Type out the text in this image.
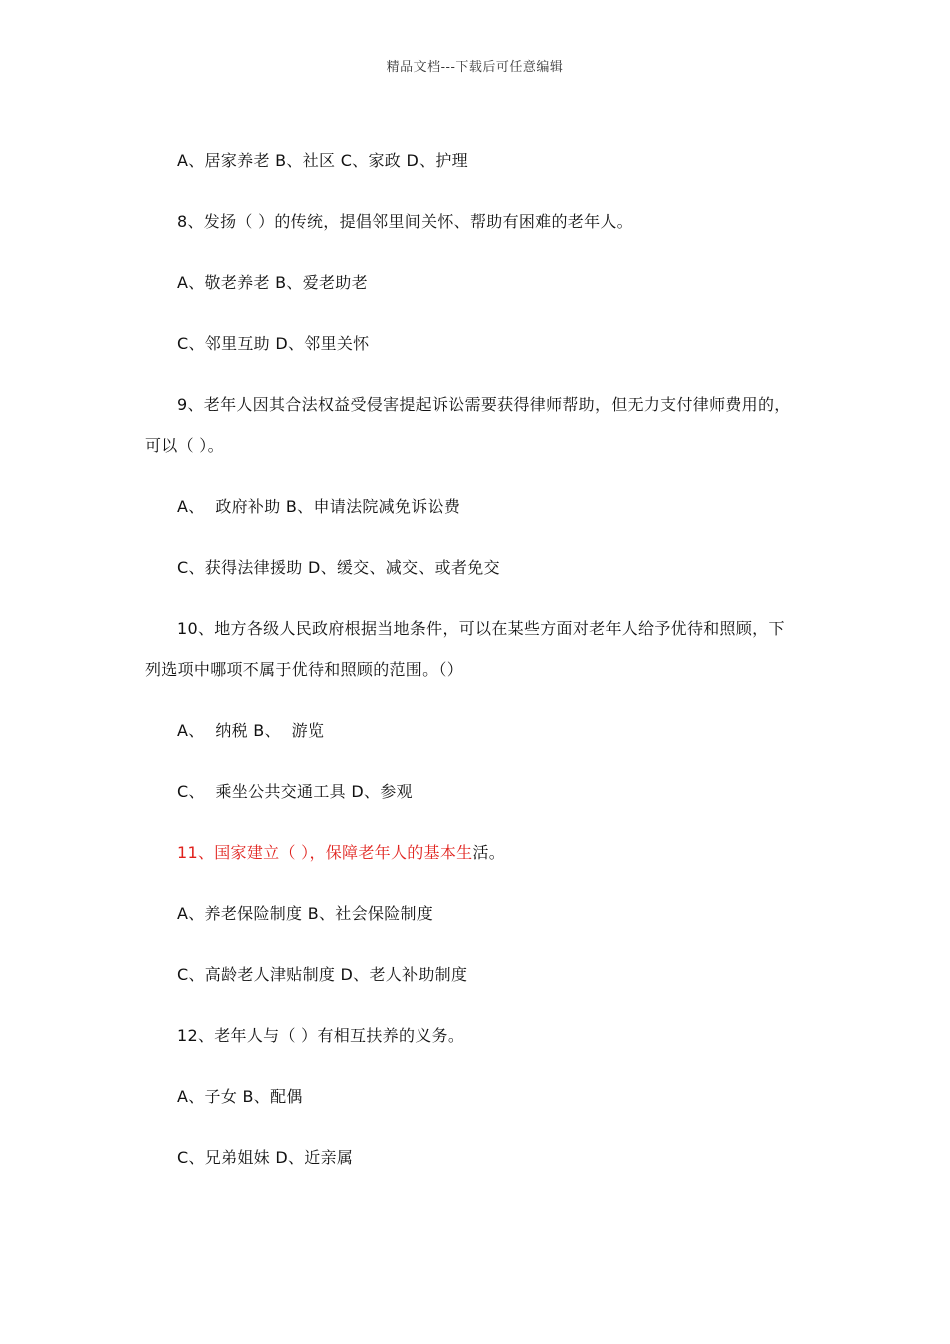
精品文档---下载后可任意编辑
A、居家养老 B、社区 C、家政 D、护理
8、发扬（ ）的传统，提倡邻里间关怀、帮助有困难的老年人。
A、敬老养老 B、爱老助老
C、邻里互助 D、邻里关怀
9、老年人因其合法权益受侵害提起诉讼需要获得律师帮助，但无力支付律师费用的，
可以（ ）。
A、  政府补助 B、申请法院减免诉讼费
C、获得法律援助 D、缓交、减交、或者免交
10、地方各级人民政府根据当地条件，可以在某些方面对老年人给予优待和照顾，下
列选项中哪项不属于优待和照顾的范围。（）
A、  纳税 B、  游览
C、  乘坐公共交通工具 D、参观
11、国家建立（ ），保障老年人的基本生活。
A、养老保险制度 B、社会保险制度
C、高龄老人津贴制度 D、老人补助制度
12、老年人与（ ）有相互扶养的义务。
A、子女 B、配偶
C、兄弟姐妹 D、近亲属
